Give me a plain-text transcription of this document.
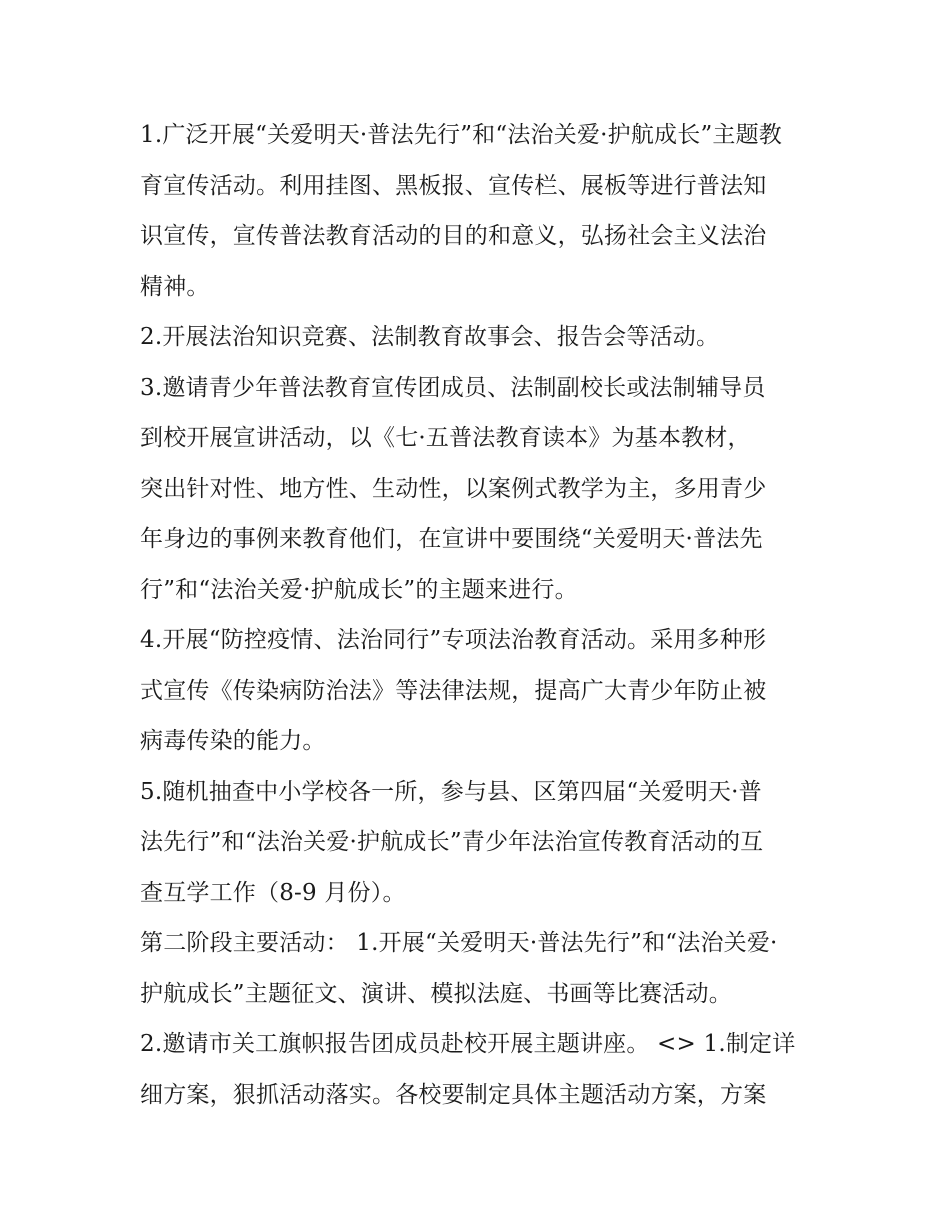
1.广泛开展“关爱明天·普法先行”和“法治关爱·护航成长”主题教
育宣传活动。利用挂图、黑板报、宣传栏、展板等进行普法知
识宣传，宣传普法教育活动的目的和意义，弘扬社会主义法治
精神。
2.开展法治知识竞赛、法制教育故事会、报告会等活动。
3.邀请青少年普法教育宣传团成员、法制副校长或法制辅导员
到校开展宣讲活动，以《七·五普法教育读本》为基本教材，
突出针对性、地方性、生动性，以案例式教学为主，多用青少
年身边的事例来教育他们，在宣讲中要围绕“关爱明天·普法先
行”和“法治关爱·护航成长”的主题来进行。
4.开展“防控疫情、法治同行”专项法治教育活动。采用多种形
式宣传《传染病防治法》等法律法规，提高广大青少年防止被
病毒传染的能力。
5.随机抽查中小学校各一所，参与县、区第四届“关爱明天·普
法先行”和“法治关爱·护航成长”青少年法治宣传教育活动的互
查互学工作（8-9 月份）。
第二阶段主要活动： 1.开展“关爱明天·普法先行”和“法治关爱·
护航成长”主题征文、演讲、模拟法庭、书画等比赛活动。
2.邀请市关工旗帜报告团成员赴校开展主题讲座。 <> 1.制定详
细方案，狠抓活动落实。各校要制定具体主题活动方案，方案
